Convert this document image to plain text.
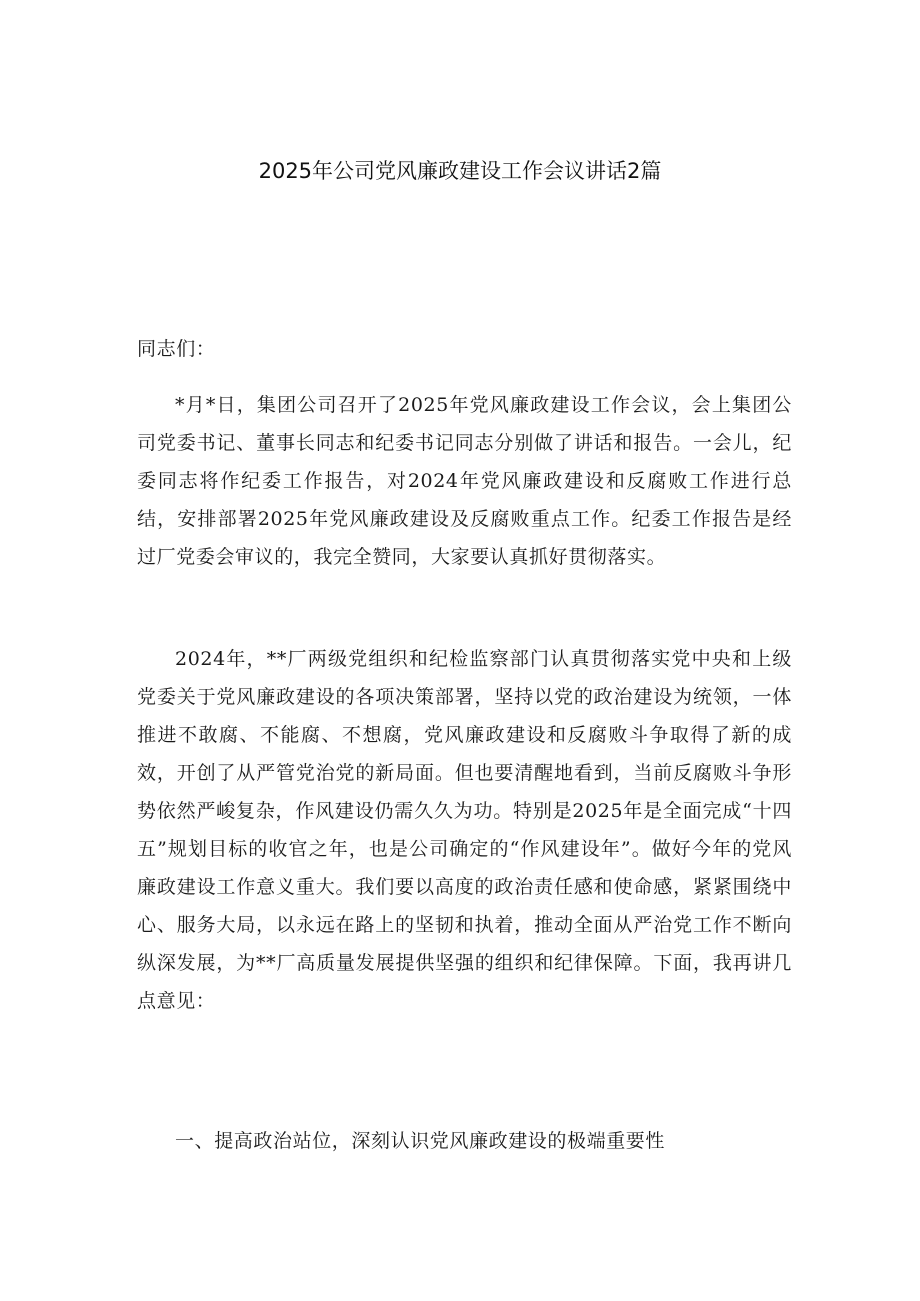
2025年公司党风廉政建设工作会议讲话2篇

同志们：

*月*日，集团公司召开了2025年党风廉政建设工作会议，会上集团公司党委书记、董事长同志和纪委书记同志分别做了讲话和报告。一会儿，纪委同志将作纪委工作报告，对2024年党风廉政建设和反腐败工作进行总结，安排部署2025年党风廉政建设及反腐败重点工作。纪委工作报告是经过厂党委会审议的，我完全赞同，大家要认真抓好贯彻落实。

2024年，**厂两级党组织和纪检监察部门认真贯彻落实党中央和上级党委关于党风廉政建设的各项决策部署，坚持以党的政治建设为统领，一体推进不敢腐、不能腐、不想腐，党风廉政建设和反腐败斗争取得了新的成效，开创了从严管党治党的新局面。但也要清醒地看到，当前反腐败斗争形势依然严峻复杂，作风建设仍需久久为功。特别是2025年是全面完成“十四五”规划目标的收官之年，也是公司确定的“作风建设年”。做好今年的党风廉政建设工作意义重大。我们要以高度的政治责任感和使命感，紧紧围绕中心、服务大局，以永远在路上的坚韧和执着，推动全面从严治党工作不断向纵深发展，为**厂高质量发展提供坚强的组织和纪律保障。下面，我再讲几点意见：

一、提高政治站位，深刻认识党风廉政建设的极端重要性
